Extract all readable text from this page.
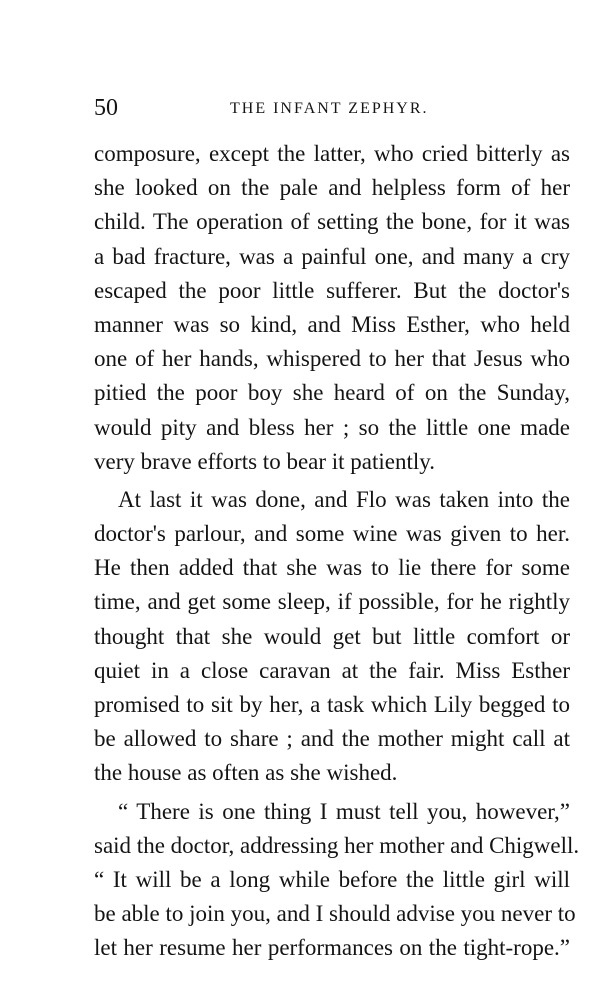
50	THE INFANT ZEPHYR.
composure, except the latter, who cried bitterly as
she looked on the pale and helpless form of her
child. The operation of setting the bone, for it was
a bad fracture, was a painful one, and many a cry
escaped the poor little sufferer. But the doctor's
manner was so kind, and Miss Esther, who held
one of her hands, whispered to her that Jesus who
pitied the poor boy she heard of on the Sunday,
would pity and bless her ; so the little one made
very brave efforts to bear it patiently.
At last it was done, and Flo was taken into the
doctor's parlour, and some wine was given to her.
He then added that she was to lie there for some
time, and get some sleep, if possible, for he rightly
thought that she would get but little comfort or
quiet in a close caravan at the fair. Miss Esther
promised to sit by her, a task which Lily begged to
be allowed to share ; and the mother might call at
the house as often as she wished.
“ There is one thing I must tell you, however,”
said the doctor, addressing her mother and Chigwell.
“ It will be a long while before the little girl will
be able to join you, and I should advise you never to
let her resume her performances on the tight-rope.”
